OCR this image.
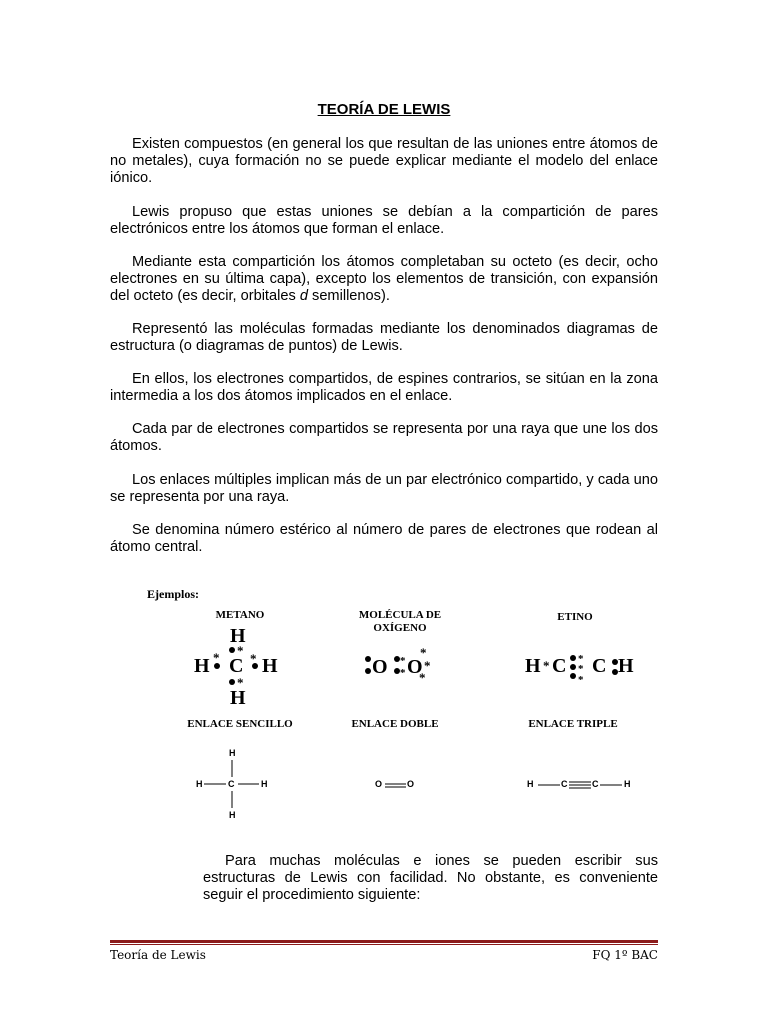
TEORÍA DE LEWIS

Existen compuestos (en general los que resultan de las uniones entre átomos de no metales), cuya formación no se puede explicar mediante el modelo del enlace iónico.

Lewis propuso que estas uniones se debían a la compartición de pares electrónicos entre los átomos que forman el enlace.

Mediante esta compartición los átomos completaban su octeto (es decir, ocho electrones en su última capa), excepto los elementos de transición, con expansión del octeto (es decir, orbitales d semillenos).

Representó las moléculas formadas mediante los denominados diagramas de estructura (o diagramas de puntos) de Lewis.

En ellos, los electrones compartidos, de espines contrarios, se sitúan en la zona intermedia a los dos átomos implicados en el enlace.

Cada par de electrones compartidos se representa por una raya que une los dos átomos.

Los enlaces múltiples implican más de un par electrónico compartido, y cada uno se representa por una raya.

Se denomina número estérico al número de pares de electrones que rodean al átomo central.

Ejemplos:
METANO	MOLÉCULA DE OXÍGENO
ETINO
H
H C H
H
*
* *
*
O O
*
*
*
*
*
H C C H
*	*
*
*
ENLACE SENCILLO	ENLACE DOBLE	ENLACE TRIPLE
H
H	C	H
H
O	O	H	C	C	H

Para muchas moléculas e iones se pueden escribir sus estructuras de Lewis con facilidad. No obstante, es conveniente seguir el procedimiento siguiente:

Teoría de Lewis	FQ 1º BAC
